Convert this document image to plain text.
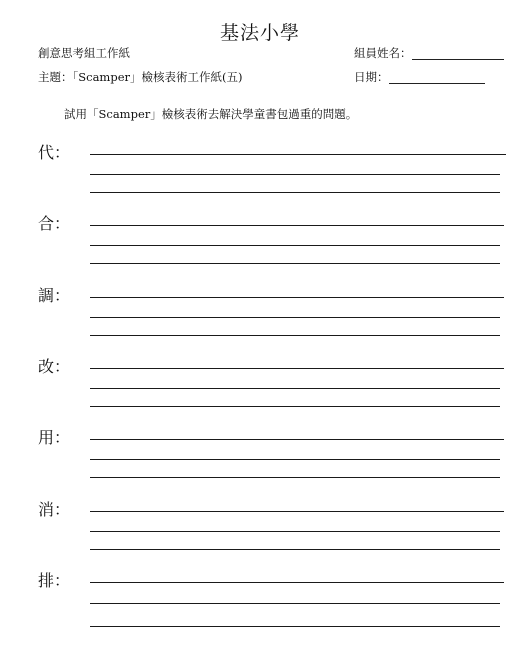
基法小學
創意思考組工作紙	組員姓名：
主題：「Scamper」檢核表術工作紙(五)	日期：
試用「Scamper」檢核表術去解決學童書包過重的問題。
代：
合：
調：
改：
用：
消：
排：
